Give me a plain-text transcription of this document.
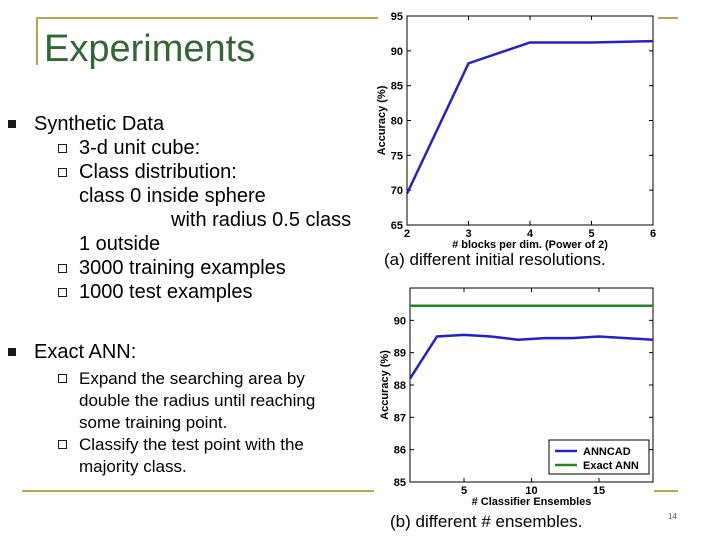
Experiments
Synthetic Data
3-d unit cube:
Class distribution:
class 0 inside sphere
with radius 0.5 class
1 outside
3000 training examples
1000 test examples
Exact ANN:
Expand the searching area by double the radius until reaching some training point.
Classify the test point with the majority class.
65
70
75
80
85
90
95
2	3	4	5	6
# blocks per dim. (Power of 2)
Accuracy (%)
(a) different initial resolutions.
85
86
87
88
89
90
5	10	15
# Classifier Ensembles
Accuracy (%)
ANNCAD
Exact ANN
(b) different # ensembles.	14
